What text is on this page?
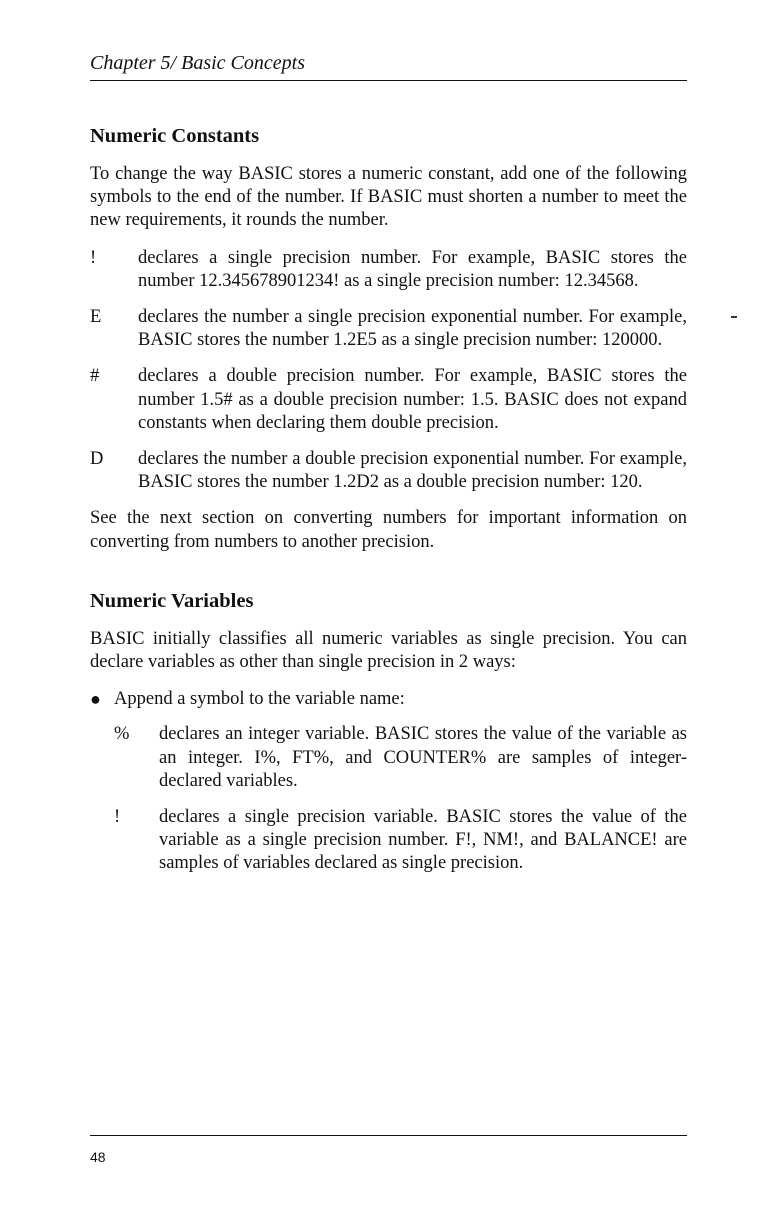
Chapter 5/ Basic Concepts
Numeric Constants

To change the way BASIC stores a numeric constant, add one of the following symbols to the end of the number. If BASIC must shorten a number to meet the new requirements, it rounds the number.

!	declares a single precision number. For example, BASIC stores the number 12.345678901234! as a single precision number: 12.34568.
E	declares the number a single precision exponential number. For example, BASIC stores the number 1.2E5 as a single precision number: 120000.
#	declares a double precision number. For example, BASIC stores the number 1.5# as a double precision number: 1.5. BASIC does not expand constants when declaring them double precision.
D	declares the number a double precision exponential number. For example, BASIC stores the number 1.2D2 as a double precision number: 120.

See the next section on converting numbers for important information on converting from numbers to another precision.

Numeric Variables

BASIC initially classifies all numeric variables as single precision. You can declare variables as other than single precision in 2 ways:

● Append a symbol to the variable name:
%	declares an integer variable. BASIC stores the value of the variable as an integer. I%, FT%, and COUNTER% are samples of integer-declared variables.
!	declares a single precision variable. BASIC stores the value of the variable as a single precision number. F!, NM!, and BALANCE! are samples of variables declared as single precision.
48
